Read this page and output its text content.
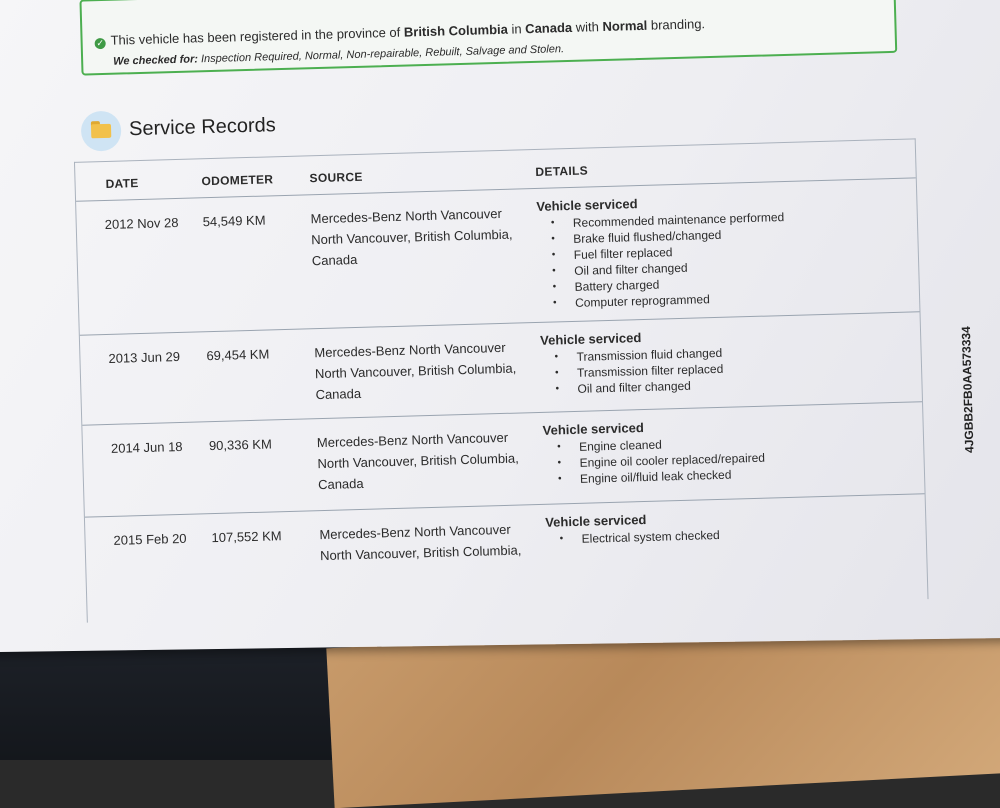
✓ This vehicle has been registered in the province of British Columbia in Canada with Normal branding.
We checked for: Inspection Required, Normal, Non-repairable, Rebuilt, Salvage and Stolen.
Service Records
DATE	ODOMETER	SOURCE	DETAILS
2012 Nov 28 54,549 KM	Mercedes-Benz North Vancouver
North Vancouver, British Columbia,
Canada
Vehicle serviced
• Recommended maintenance performed
• Brake fluid flushed/changed
• Fuel filter replaced
• Oil and filter changed
• Battery charged
• Computer reprogrammed
2013 Jun 29 69,454 KM	Mercedes-Benz North Vancouver
North Vancouver, British Columbia,
Canada
Vehicle serviced
• Transmission fluid changed
• Transmission filter replaced
• Oil and filter changed
2014 Jun 18 90,336 KM	Mercedes-Benz North Vancouver
North Vancouver, British Columbia,
Canada
Vehicle serviced
• Engine cleaned
• Engine oil cooler replaced/repaired
• Engine oil/fluid leak checked
2015 Feb 20 107,552 KM	Mercedes-Benz North Vancouver
North Vancouver, British Columbia,
Vehicle serviced
• Electrical system checked
4JGBB2FB0AA573334
